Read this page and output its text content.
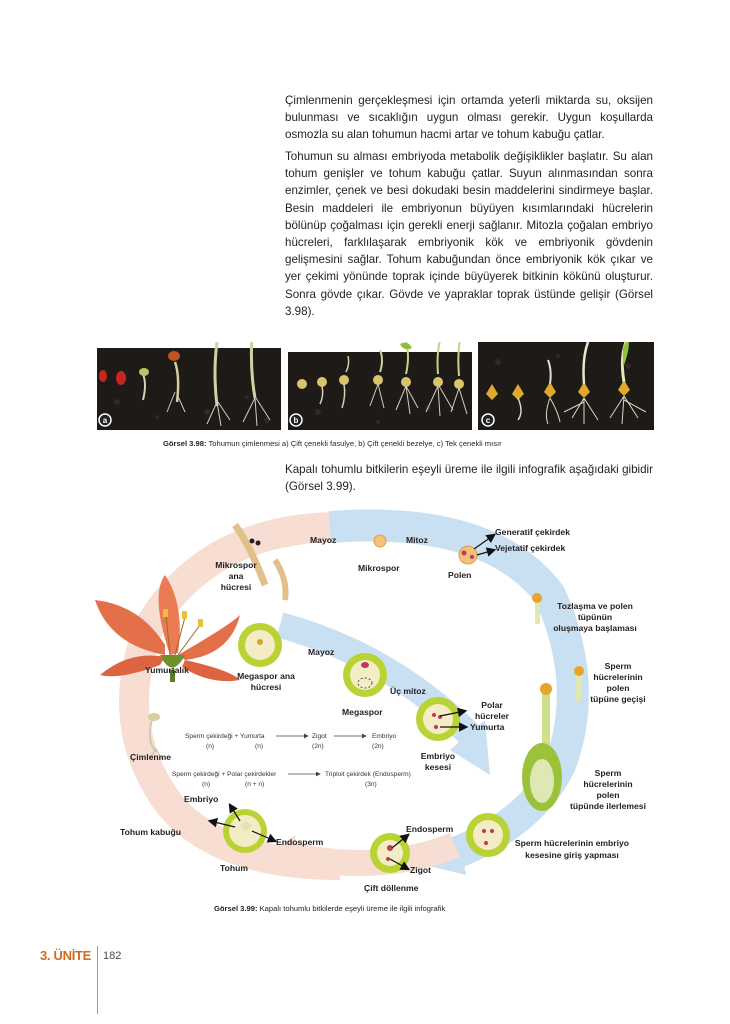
Çimlenmenin gerçekleşmesi için ortamda yeterli miktarda su, oksijen bulunması ve sıcaklığın uygun olması gerekir. Uygun koşullarda osmozla su alan tohumun hacmi artar ve tohum kabuğu çatlar.

Tohumun su alması embriyoda metabolik değişiklikler başlatır. Su alan tohum genişler ve tohum kabuğu çatlar. Suyun alınmasından sonra enzimler, çenek ve besi dokudaki besin maddelerini sindirmeye başlar. Besin maddeleri ile embriyonun büyüyen kısımlarındaki hücrelerin bölünüp çoğalması için gerekli enerji sağlanır. Mitozla çoğalan embriyo hücreleri, farklılaşarak embriyonik kök ve embriyonik gövdenin gelişmesini sağlar. Tohum kabuğundan önce embriyonik kök çıkar ve yer çekimi yönünde toprak içinde büyüyerek bitkinin kökünü oluşturur. Sonra gövde çıkar. Gövde ve yapraklar toprak üstünde gelişir (Görsel 3.98).

a	b	c
Görsel 3.98: Tohumun çimlenmesi a) Çift çenekli fasulye, b) Çift çenekli bezelye, c) Tek çenekli mısır

Kapalı tohumlu bitkilerin eşeyli üreme ile ilgili infografik aşağıdaki gibidir (Görsel 3.99).

Sperm çekirdeği + Yumurta
(n)	(n)
Zigot
(2n)
Embriyo
(2n)
Sperm çekirdeği + Polar çekirdekler
(n)	(n + n)
Triploit çekirdek (Endosperm)
(3n)
Mayoz	Mitoz
Mikrospor
ana
hücresi
Mikrospor
Polen
Generatif çekirdek
Vejetatif çekirdek
Tozlaşma ve polen
tüpünün
oluşmaya başlaması
Sperm
hücrelerinin
polen
tüpüne geçişi
Sperm
hücrelerinin
polen
tüpünde ilerlemesi
Sperm hücrelerinin embriyo
kesesine giriş yapması
Yumurtalık
Megaspor ana
hücresi
Mayoz
Megaspor
Üç mitoz
Polar
hücreler
Yumurta
Embriyo
kesesi
Çimlenme
Embriyo
Tohum kabuğu
Endosperm
Tohum
Endosperm
Zigot
Çift döllenme
Görsel 3.99: Kapalı tohumlu bitkilerde eşeyli üreme ile ilgili infografik
3. ÜNİTE 182
